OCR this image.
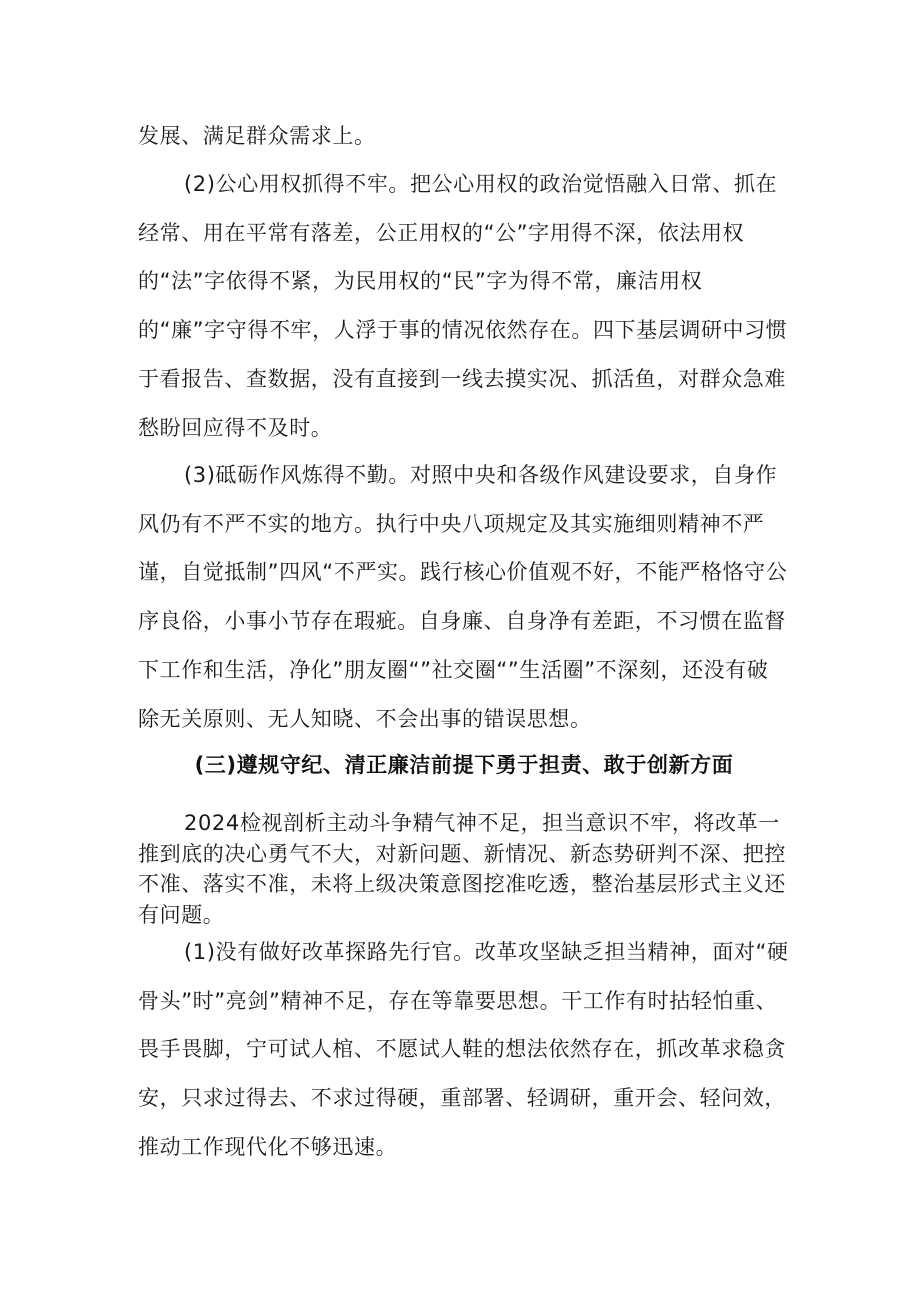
发展、满足群众需求上。

(2)公心用权抓得不牢。把公心用权的政治觉悟融入日常、抓在经常、用在平常有落差，公正用权的“公”字用得不深，依法用权的“法”字依得不紧，为民用权的“民”字为得不常，廉洁用权的“廉”字守得不牢，人浮于事的情况依然存在。四下基层调研中习惯于看报告、查数据，没有直接到一线去摸实况、抓活鱼，对群众急难愁盼回应得不及时。

(3)砥砺作风炼得不勤。对照中央和各级作风建设要求，自身作风仍有不严不实的地方。执行中央八项规定及其实施细则精神不严谨，自觉抵制”四风“不严实。践行核心价值观不好，不能严格恪守公序良俗，小事小节存在瑕疵。自身廉、自身净有差距，不习惯在监督下工作和生活，净化”朋友圈“”社交圈“”生活圈”不深刻，还没有破除无关原则、无人知晓、不会出事的错误思想。

(三)遵规守纪、清正廉洁前提下勇于担责、敢于创新方面

2024检视剖析主动斗争精气神不足，担当意识不牢，将改革一推到底的决心勇气不大，对新问题、新情况、新态势研判不深、把控不准、落实不准，未将上级决策意图挖准吃透，整治基层形式主义还有问题。

(1)没有做好改革探路先行官。改革攻坚缺乏担当精神，面对“硬骨头”时”亮剑”精神不足，存在等靠要思想。干工作有时拈轻怕重、畏手畏脚，宁可试人棺、不愿试人鞋的想法依然存在，抓改革求稳贪安，只求过得去、不求过得硬，重部署、轻调研，重开会、轻问效，推动工作现代化不够迅速。
